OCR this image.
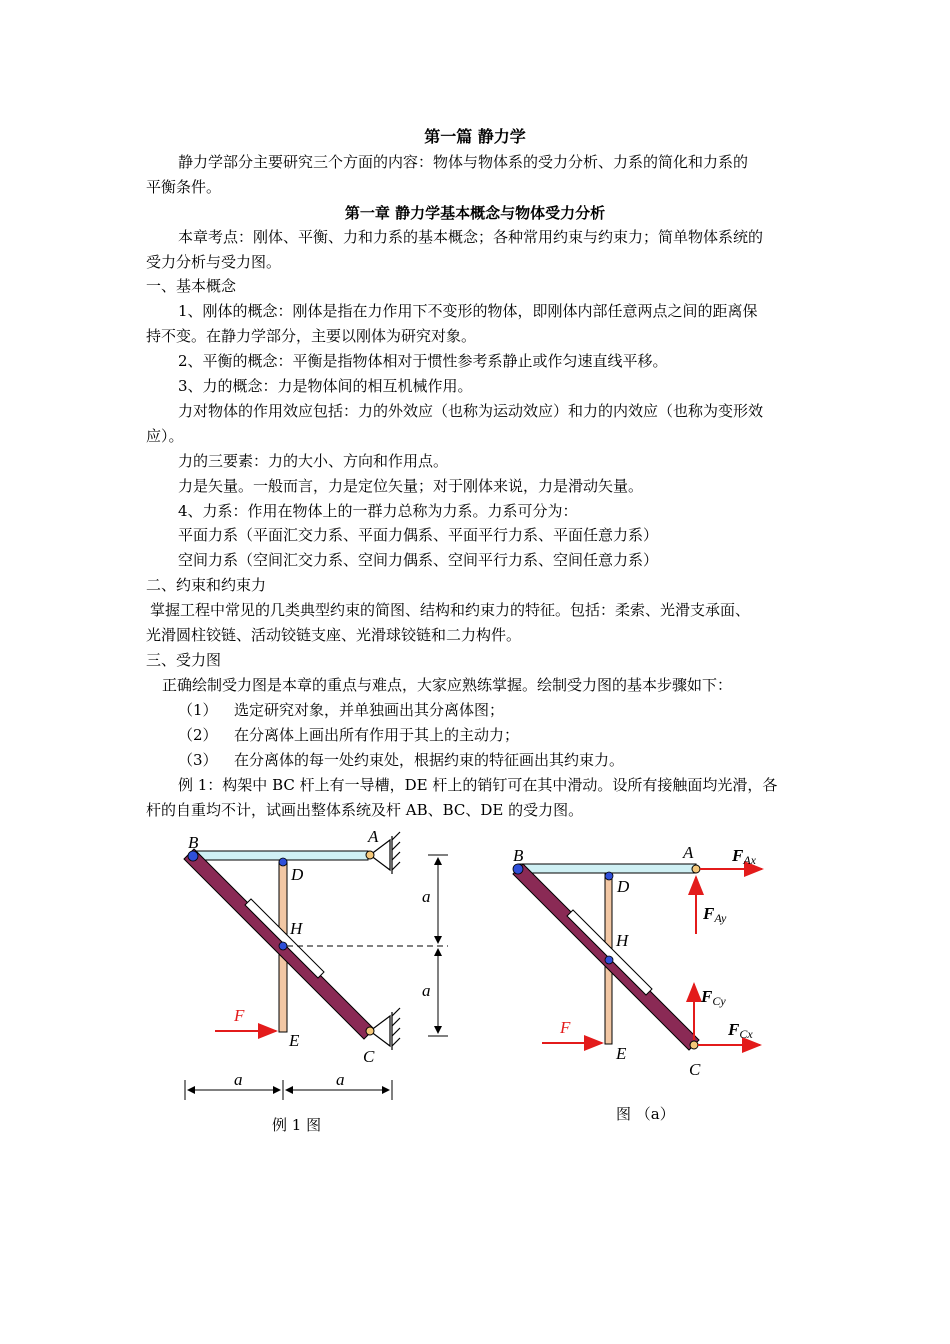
第一篇 静力学
静力学部分主要研究三个方面的内容：物体与物体系的受力分析、力系的简化和力系的
平衡条件。
第一章 静力学基本概念与物体受力分析
本章考点：刚体、平衡、力和力系的基本概念；各种常用约束与约束力；简单物体系统的
受力分析与受力图。
一、基本概念
1、刚体的概念：刚体是指在力作用下不变形的物体，即刚体内部任意两点之间的距离保
持不变。在静力学部分，主要以刚体为研究对象。
2、平衡的概念：平衡是指物体相对于惯性参考系静止或作匀速直线平移。
3、力的概念：力是物体间的相互机械作用。
力对物体的作用效应包括：力的外效应（也称为运动效应）和力的内效应（也称为变形效
应）。
力的三要素：力的大小、方向和作用点。
力是矢量。一般而言，力是定位矢量；对于刚体来说，力是滑动矢量。
4、力系：作用在物体上的一群力总称为力系。力系可分为：
平面力系（平面汇交力系、平面力偶系、平面平行力系、平面任意力系）
空间力系（空间汇交力系、空间力偶系、空间平行力系、空间任意力系）
二、约束和约束力
掌握工程中常见的几类典型约束的简图、结构和约束力的特征。包括：柔索、光滑支承面、
光滑圆柱铰链、活动铰链支座、光滑球铰链和二力构件。
三、受力图
正确绘制受力图是本章的重点与难点，大家应熟练掌握。绘制受力图的基本步骤如下：
（1） 选定研究对象，并单独画出其分离体图；
（2） 在分离体上画出所有作用于其上的主动力；
（3） 在分离体的每一处约束处，根据约束的特征画出其约束力。
例 1：构架中 BC 杆上有一导槽，DE 杆上的销钉可在其中滑动。设所有接触面均光滑，各
杆的自重均不计，试画出整体系统及杆 AB、BC、DE 的受力图。
B	A
D
H
E
C
F
a
a
a	a
例 1 图
B	A
D
H
E
C
F
FAx
FAy
FCy
FCx
图 （a）
